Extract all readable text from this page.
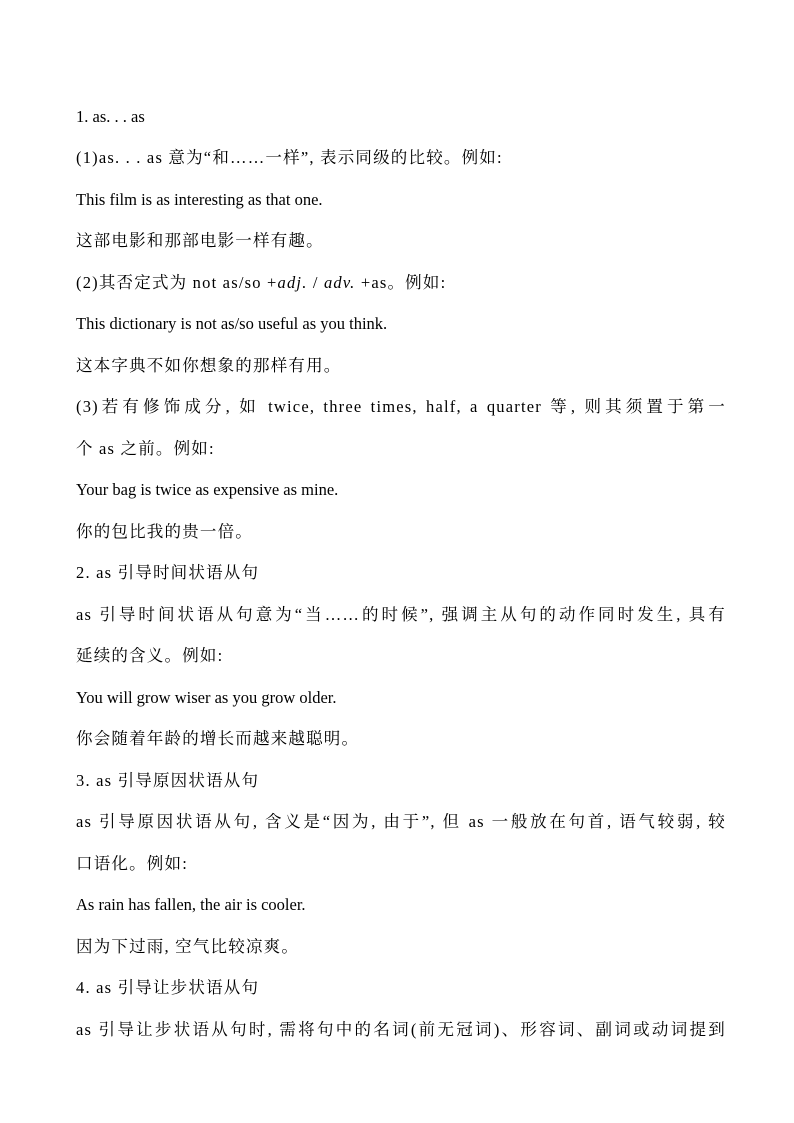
1. as. . . as
(1)as. . . as 意为“和……一样”, 表示同级的比较。例如:
This film is as interesting as that one.
这部电影和那部电影一样有趣。
(2)其否定式为 not as/so +adj. / adv. +as。例如:
This dictionary is not as/so useful as you think.
这本字典不如你想象的那样有用。
(3)若有修饰成分, 如 twice, three times, half, a quarter 等, 则其须置于第一
个 as 之前。例如:
Your bag is twice as expensive as mine.
你的包比我的贵一倍。
2. as 引导时间状语从句
as 引导时间状语从句意为“当……的时候”, 强调主从句的动作同时发生, 具有
延续的含义。例如:
You will grow wiser as you grow older.
你会随着年龄的增长而越来越聪明。
3. as 引导原因状语从句
as 引导原因状语从句, 含义是“因为, 由于”, 但 as 一般放在句首, 语气较弱, 较
口语化。例如:
As rain has fallen, the air is cooler.
因为下过雨, 空气比较凉爽。
4. as 引导让步状语从句
as 引导让步状语从句时, 需将句中的名词(前无冠词)、形容词、副词或动词提到
